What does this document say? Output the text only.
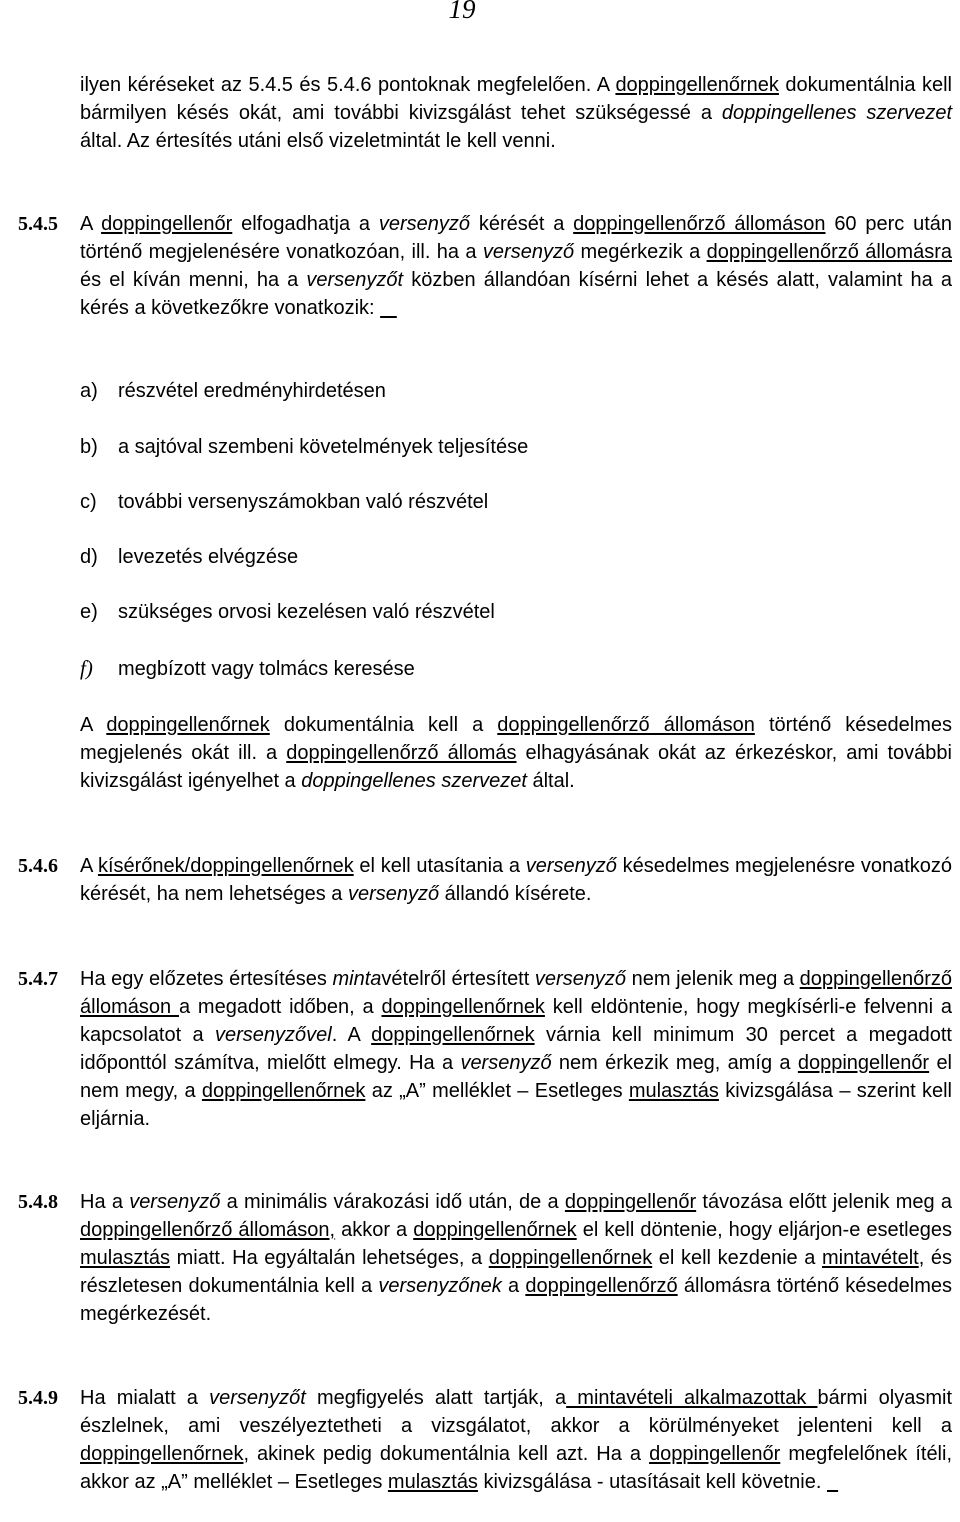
19

ilyen kéréseket az 5.4.5 és 5.4.6 pontoknak megfelelően. A doppingellenőrnek dokumentálnia kell bármilyen késés okát, ami további kivizsgálást tehet szükségessé a doppingellenes szervezet által. Az értesítés utáni első vizeletmintát le kell venni.

5.4.5	A doppingellenőr elfogadhatja a versenyző kérését a doppingellenőrző állomáson 60 perc után történő megjelenésére vonatkozóan, ill. ha a versenyző megérkezik a doppingellenőrző állomásra és el kíván menni, ha a versenyzőt közben állandóan kísérni lehet a késés alatt, valamint ha a kérés a következőkre vonatkozik:

a) részvétel eredményhirdetésen
b) a sajtóval szembeni követelmények teljesítése
c) további versenyszámokban való részvétel
d) levezetés elvégzése
e) szükséges orvosi kezelésen való részvétel
f) megbízott vagy tolmács keresése

A doppingellenőrnek dokumentálnia kell a doppingellenőrző állomáson történő késedelmes megjelenés okát ill. a doppingellenőrző állomás elhagyásának okát az érkezéskor, ami további kivizsgálást igényelhet a doppingellenes szervezet által.

5.4.6	A kísérőnek/doppingellenőrnek el kell utasítania a versenyző késedelmes megjelenésre vonatkozó kérését, ha nem lehetséges a versenyző állandó kísérete.

5.4.7	Ha egy előzetes értesítéses mintavételről értesített versenyző nem jelenik meg a doppingellenőrző állomáson a megadott időben, a doppingellenőrnek kell eldöntenie, hogy megkísérli-e felvenni a kapcsolatot a versenyzővel. A doppingellenőrnek várnia kell minimum 30 percet a megadott időponttól számítva, mielőtt elmegy. Ha a versenyző nem érkezik meg, amíg a doppingellenőr el nem megy, a doppingellenőrnek az „A” melléklet – Esetleges mulasztás kivizsgálása – szerint kell eljárnia.

5.4.8	Ha a versenyző a minimális várakozási idő után, de a doppingellenőr távozása előtt jelenik meg a doppingellenőrző állomáson, akkor a doppingellenőrnek el kell döntenie, hogy eljárjon-e esetleges mulasztás miatt. Ha egyáltalán lehetséges, a doppingellenőrnek el kell kezdenie a mintavételt, és részletesen dokumentálnia kell a versenyzőnek a doppingellenőrző állomásra történő késedelmes megérkezését.

5.4.9	Ha mialatt a versenyzőt megfigyelés alatt tartják, a mintavételi alkalmazottak bármi olyasmit észlelnek, ami veszélyeztetheti a vizsgálatot, akkor a körülményeket jelenteni kell a doppingellenőrnek, akinek pedig dokumentálnia kell azt. Ha a doppingellenőr megfelelőnek ítéli, akkor az „A” melléklet – Esetleges mulasztás kivizsgálása - utasításait kell követnie.
